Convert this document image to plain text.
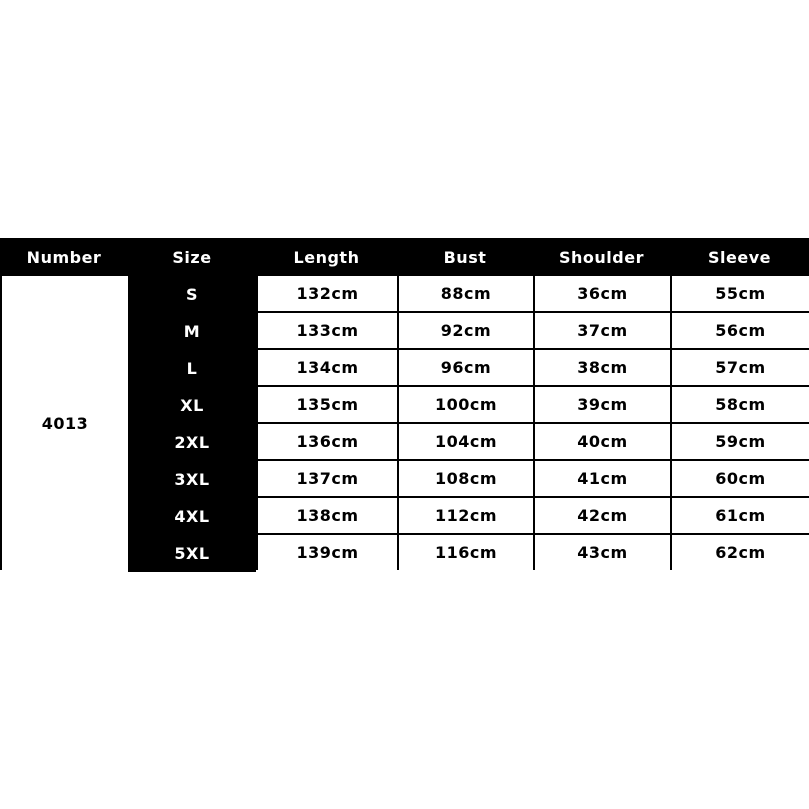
Number	Size	Length	Bust	Shoulder	Sleeve
4013
S	132cm	88cm	36cm	55cm
M	133cm	92cm	37cm	56cm
L	134cm	96cm	38cm	57cm
XL	135cm	100cm	39cm	58cm
2XL	136cm	104cm	40cm	59cm
3XL	137cm	108cm	41cm	60cm
4XL	138cm	112cm	42cm	61cm
5XL	139cm	116cm	43cm	62cm
